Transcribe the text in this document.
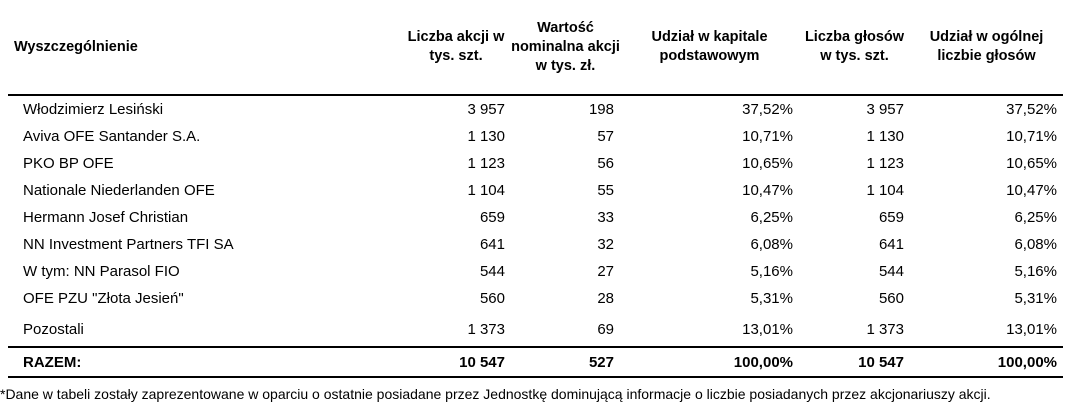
Wyszczególnienie	Liczba akcji w tys. szt.	Wartość nominalna akcji w tys. zł.	Udział w kapitale podstawowym	Liczba głosów w tys. szt.	Udział w ogólnej liczbie głosów
Włodzimierz Lesiński	3 957	198	37,52%	3 957	37,52%
Aviva OFE Santander S.A.	1 130	57	10,71%	1 130	10,71%
PKO BP OFE	1 123	56	10,65%	1 123	10,65%
Nationale Niederlanden OFE	1 104	55	10,47%	1 104	10,47%
Hermann Josef Christian	659	33	6,25%	659	6,25%
NN Investment Partners TFI SA	641	32	6,08%	641	6,08%
W tym: NN Parasol FIO	544	27	5,16%	544	5,16%
OFE PZU "Złota Jesień"	560	28	5,31%	560	5,31%
Pozostali	1 373	69	13,01%	1 373	13,01%
RAZEM:	10 547	527	100,00%	10 547	100,00%
*Dane w tabeli zostały zaprezentowane w oparciu o ostatnie posiadane przez Jednostkę dominującą informacje o liczbie posiadanych przez akcjonariuszy akcji.
